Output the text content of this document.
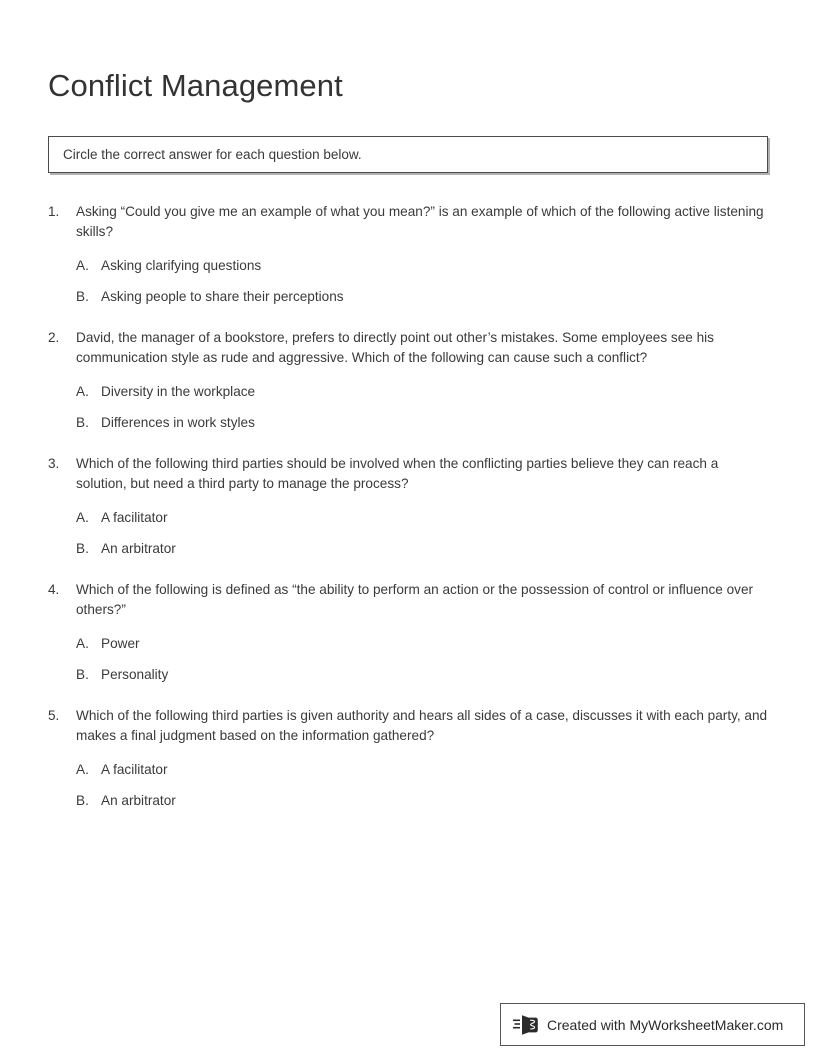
Conflict Management
Circle the correct answer for each question below.
1.	Asking “Could you give me an example of what you mean?” is an example of which of the following active listening skills?
A. Asking clarifying questions
B. Asking people to share their perceptions
2.	David, the manager of a bookstore, prefers to directly point out other’s mistakes. Some employees see his communication style as rude and aggressive. Which of the following can cause such a conflict?
A. Diversity in the workplace
B. Differences in work styles
3.	Which of the following third parties should be involved when the conflicting parties believe they can reach a solution, but need a third party to manage the process?
A. A facilitator
B. An arbitrator
4.	Which of the following is defined as “the ability to perform an action or the possession of control or influence over others?”
A. Power
B. Personality
5.	Which of the following third parties is given authority and hears all sides of a case, discusses it with each party, and makes a final judgment based on the information gathered?
A. A facilitator
B. An arbitrator
Created with MyWorksheetMaker.com
